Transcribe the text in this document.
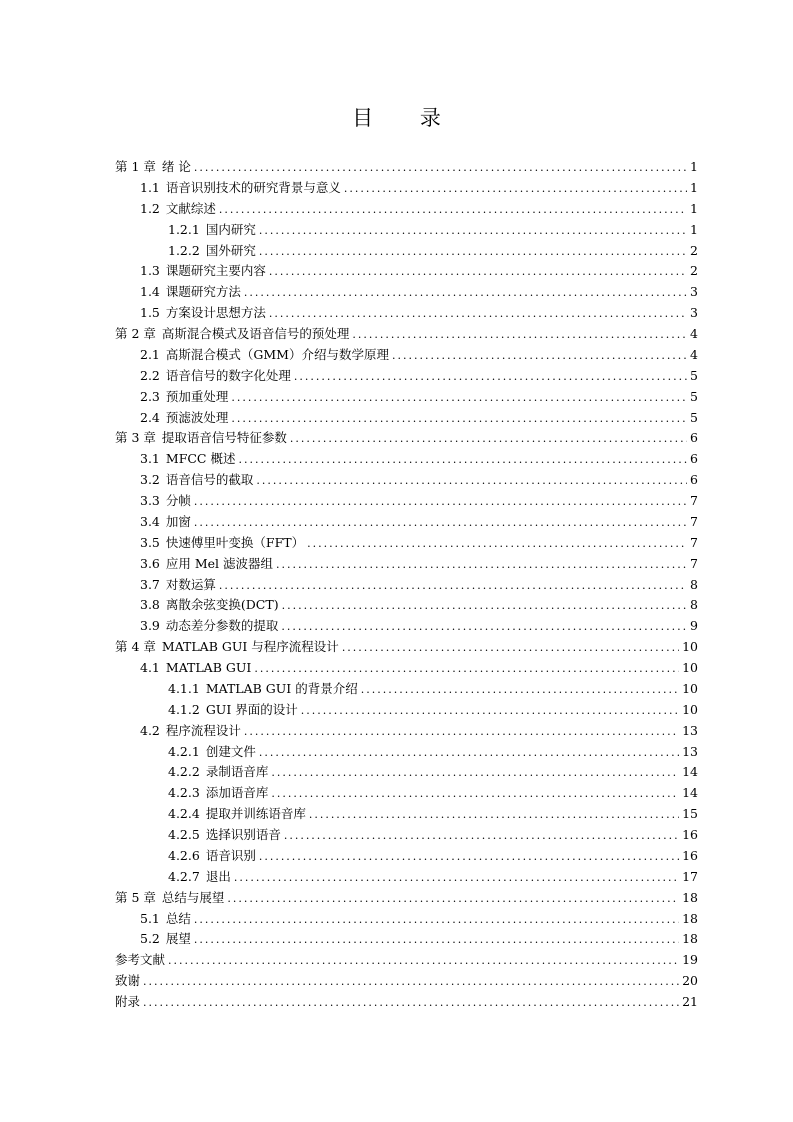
目 录
第 1 章 绪 论 .....	1
1.1 语音识别技术的研究背景与意义 .....	1
1.2 文献综述 .....	1
1.2.1 国内研究 .....	1
1.2.2 国外研究 .....	2
1.3 课题研究主要内容 .....	2
1.4 课题研究方法 .....	3
1.5 方案设计思想方法 .....	3
第 2 章 高斯混合模式及语音信号的预处理 .....	4
2.1 高斯混合模式（GMM）介绍与数学原理 .....	4
2.2 语音信号的数字化处理 .....	5
2.3 预加重处理 .....	5
2.4 预滤波处理 .....	5
第 3 章 提取语音信号特征参数 .....	6
3.1 MFCC 概述 .....	6
3.2 语音信号的截取 .....	6
3.3 分帧 .....	7
3.4 加窗 .....	7
3.5 快速傅里叶变换（FFT） .....	7
3.6 应用 Mel 滤波器组 .....	7
3.7 对数运算 .....	8
3.8 离散余弦变换(DCT) .....	8
3.9 动态差分参数的提取 .....	9
第 4 章 MATLAB GUI 与程序流程设计 .....	10
4.1 MATLAB GUI .....	10
4.1.1 MATLAB GUI 的背景介绍 .....	10
4.1.2 GUI 界面的设计 .....	10
4.2 程序流程设计 .....	13
4.2.1 创建文件 .....	13
4.2.2 录制语音库 .....	14
4.2.3 添加语音库 .....	14
4.2.4 提取并训练语音库 .....	15
4.2.5 选择识别语音 .....	16
4.2.6 语音识别 .....	16
4.2.7 退出 .....	17
第 5 章 总结与展望 .....	18
5.1 总结 .....	18
5.2 展望 .....	18
参考文献 .....	19
致谢 .....	20
附录 .....	21
